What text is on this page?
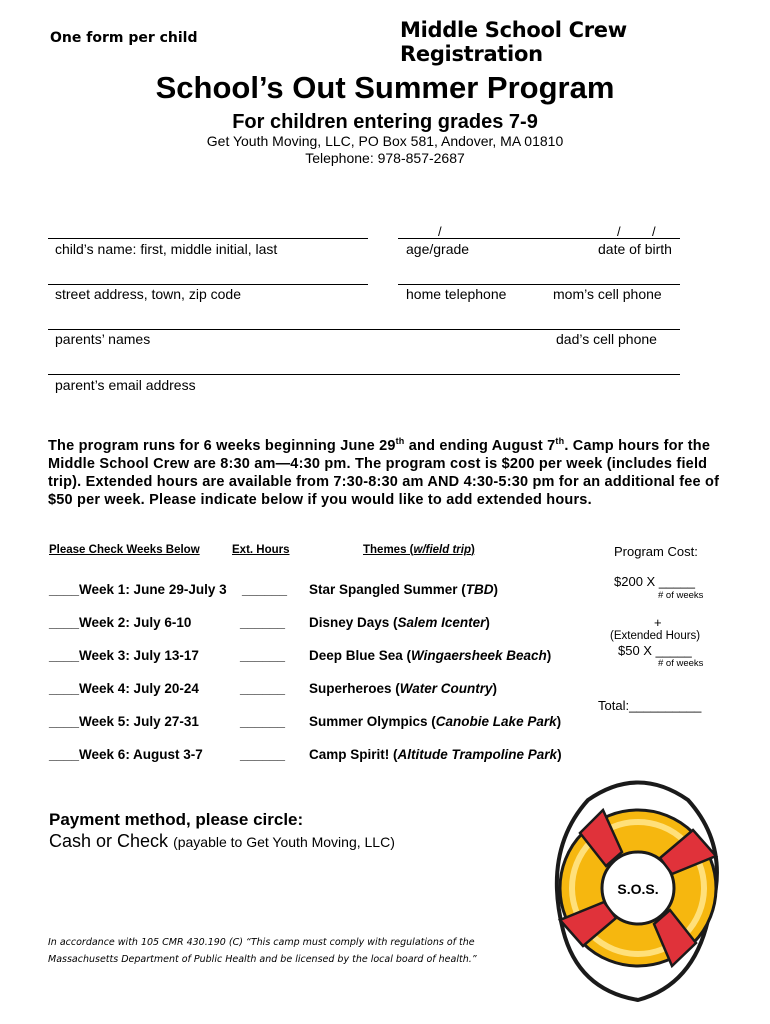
One form per child	Middle School Crew Registration
School’s Out Summer Program
For children entering grades 7-9
Get Youth Moving, LLC, PO Box 581, Andover, MA 01810
Telephone: 978-857-2687
/	/ /
child’s name: first, middle initial, last	age/grade	date of birth
street address, town, zip code	home telephone	mom’s cell phone
parents’ names	dad’s cell phone
parent’s email address
The program runs for 6 weeks beginning June 29th and ending August 7th. Camp hours for the Middle School Crew are 8:30 am—4:30 pm. The program cost is $200 per week (includes field trip). Extended hours are available from 7:30-8:30 am AND 4:30-5:30 pm for an additional fee of $50 per week. Please indicate below if you would like to add extended hours.
Please Check Weeks Below	Ext. Hours	Themes (w/field trip)	Program Cost:
____Week 1: June 29-July 3 ______ Star Spangled Summer (TBD)
____Week 2: July 6-10	______ Disney Days (Salem Icenter)
____Week 3: July 13-17	______ Deep Blue Sea (Wingaersheek Beach)
____Week 4: July 20-24	______ Superheroes (Water Country)
____Week 5: July 27-31	______ Summer Olympics (Canobie Lake Park)
____Week 6: August 3-7	______ Camp Spirit! (Altitude Trampoline Park)
$200 X _____
# of weeks
+
(Extended Hours)
$50 X _____
# of weeks
Total:__________
Payment method, please circle:
Cash or Check (payable to Get Youth Moving, LLC)
In accordance with 105 CMR 430.190 (C) “This camp must comply with regulations of the Massachusetts Department of Public Health and be licensed by the local board of health.”
S.O.S.
